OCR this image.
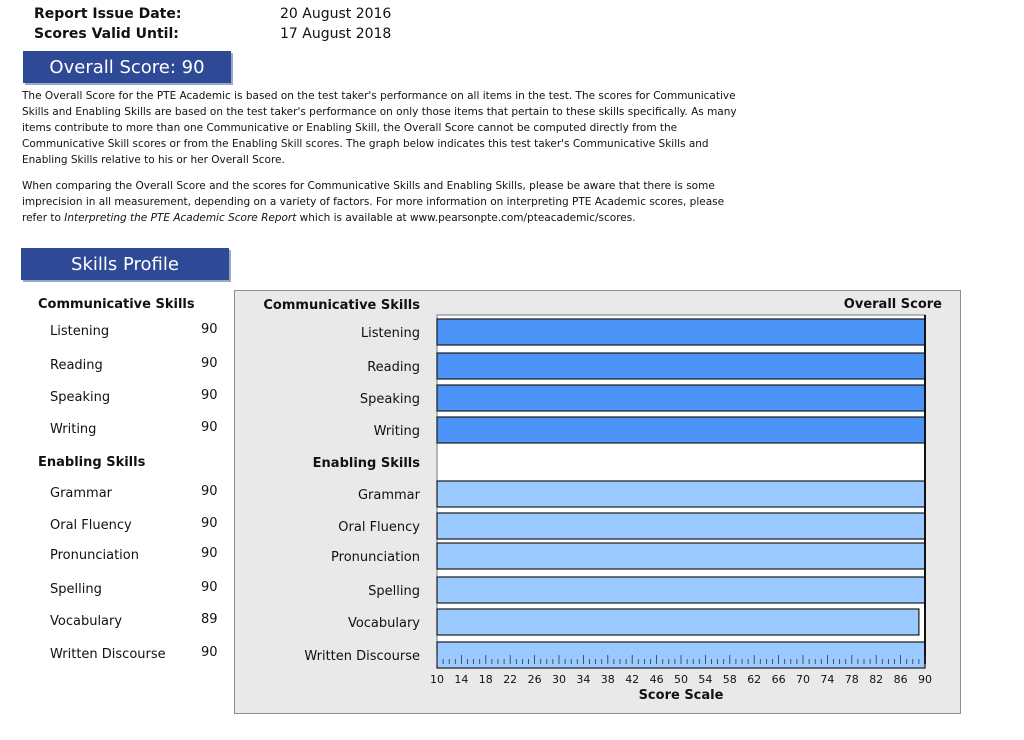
Report Issue Date:	20 August 2016
Scores Valid Until:	17 August 2018
Overall Score: 90

The Overall Score for the PTE Academic is based on the test taker's performance on all items in the test. The scores for Communicative Skills and Enabling Skills are based on the test taker's performance on only those items that pertain to these skills specifically. As many items contribute to more than one Communicative or Enabling Skill, the Overall Score cannot be computed directly from the Communicative Skill scores or from the Enabling Skill scores. The graph below indicates this test taker's Communicative Skills and Enabling Skills relative to his or her Overall Score.

When comparing the Overall Score and the scores for Communicative Skills and Enabling Skills, please be aware that there is some imprecision in all measurement, depending on a variety of factors. For more information on interpreting PTE Academic scores, please refer to Interpreting the PTE Academic Score Report which is available at www.pearsonpte.com/pteacademic/scores.

Skills Profile
Communicative Skills
Listening	90
Reading	90
Speaking	90
Writing	90
Enabling Skills
Grammar	90
Oral Fluency	90
Pronunciation	90
Spelling	90
Vocabulary	89
Written Discourse	90
Communicative Skills	Overall Score
Listening
Reading
Speaking
Writing
Enabling Skills
Grammar
Oral Fluency
Pronunciation
Spelling
Vocabulary
Written Discourse
10 14 18 22 26 30 34 38 42 46 50 54 58 62 66 70 74 78 82 86 90
Score Scale
